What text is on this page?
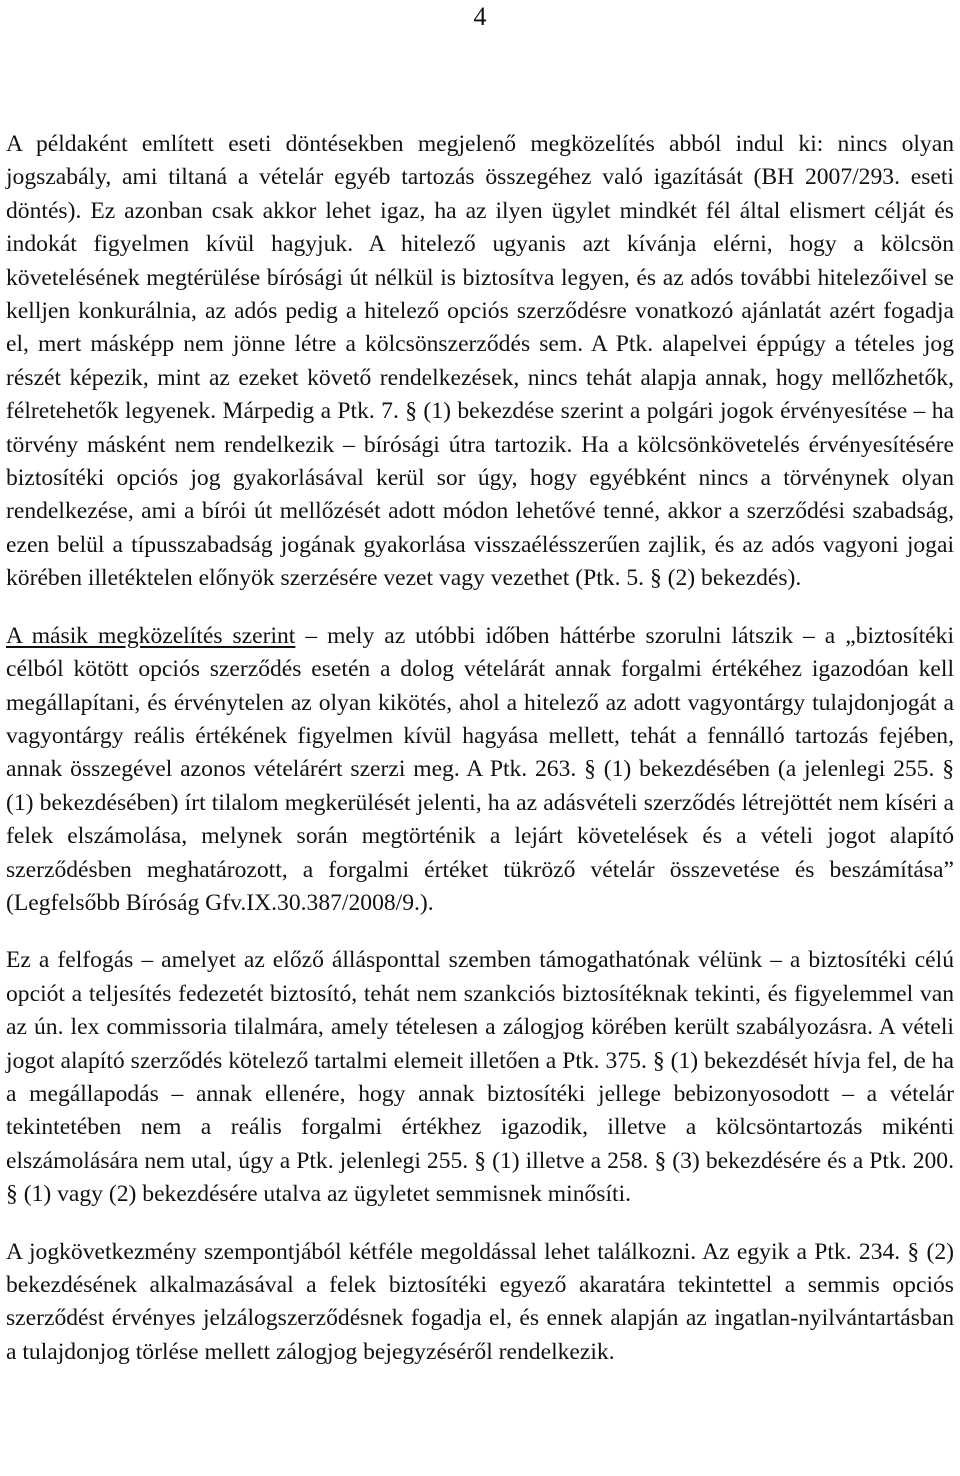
4

A példaként említett eseti döntésekben megjelenő megközelítés abból indul ki: nincs olyan jogszabály, ami tiltaná a vételár egyéb tartozás összegéhez való igazítását (BH 2007/293. eseti döntés). Ez azonban csak akkor lehet igaz, ha az ilyen ügylet mindkét fél által elismert célját és indokát figyelmen kívül hagyjuk. A hitelező ugyanis azt kívánja elérni, hogy a kölcsön követelésének megtérülése bírósági út nélkül is biztosítva legyen, és az adós további hitelezőivel se kelljen konkurálnia, az adós pedig a hitelező opciós szerződésre vonatkozó ajánlatát azért fogadja el, mert másképp nem jönne létre a kölcsönszerződés sem. A Ptk. alapelvei éppúgy a tételes jog részét képezik, mint az ezeket követő rendelkezések, nincs tehát alapja annak, hogy mellőzhetők, félretehetők legyenek. Márpedig a Ptk. 7. § (1) bekezdése szerint a polgári jogok érvényesítése – ha törvény másként nem rendelkezik – bírósági útra tartozik. Ha a kölcsönkövetelés érvényesítésére biztosítéki opciós jog gyakorlásával kerül sor úgy, hogy egyébként nincs a törvénynek olyan rendelkezése, ami a bírói út mellőzését adott módon lehetővé tenné, akkor a szerződési szabadság, ezen belül a típusszabadság jogának gyakorlása visszaélésszerűen zajlik, és az adós vagyoni jogai körében illetéktelen előnyök szerzésére vezet vagy vezethet (Ptk. 5. § (2) bekezdés).

A másik megközelítés szerint – mely az utóbbi időben háttérbe szorulni látszik – a „biztosítéki célból kötött opciós szerződés esetén a dolog vételárát annak forgalmi értékéhez igazodóan kell megállapítani, és érvénytelen az olyan kikötés, ahol a hitelező az adott vagyontárgy tulajdonjogát a vagyontárgy reális értékének figyelmen kívül hagyása mellett, tehát a fennálló tartozás fejében, annak összegével azonos vételárért szerzi meg. A Ptk. 263. § (1) bekezdésében (a jelenlegi 255. § (1) bekezdésében) írt tilalom megkerülését jelenti, ha az adásvételi szerződés létrejöttét nem kíséri a felek elszámolása, melynek során megtörténik a lejárt követelések és a vételi jogot alapító szerződésben meghatározott, a forgalmi értéket tükröző vételár összevetése és beszámítása” (Legfelsőbb Bíróság Gfv.IX.30.387/2008/9.).

Ez a felfogás – amelyet az előző állásponttal szemben támogathatónak vélünk – a biztosítéki célú opciót a teljesítés fedezetét biztosító, tehát nem szankciós biztosítéknak tekinti, és figyelemmel van az ún. lex commissoria tilalmára, amely tételesen a zálogjog körében került szabályozásra. A vételi jogot alapító szerződés kötelező tartalmi elemeit illetően a Ptk. 375. § (1) bekezdését hívja fel, de ha a megállapodás – annak ellenére, hogy annak biztosítéki jellege bebizonyosodott – a vételár tekintetében nem a reális forgalmi értékhez igazodik, illetve a kölcsöntartozás mikénti elszámolására nem utal, úgy a Ptk. jelenlegi 255. § (1) illetve a 258. § (3) bekezdésére és a Ptk. 200. § (1) vagy (2) bekezdésére utalva az ügyletet semmisnek minősíti.

A jogkövetkezmény szempontjából kétféle megoldással lehet találkozni. Az egyik a Ptk. 234. § (2) bekezdésének alkalmazásával a felek biztosítéki egyező akaratára tekintettel a semmis opciós szerződést érvényes jelzálogszerződésnek fogadja el, és ennek alapján az ingatlan-nyilvántartásban a tulajdonjog törlése mellett zálogjog bejegyzéséről rendelkezik.
